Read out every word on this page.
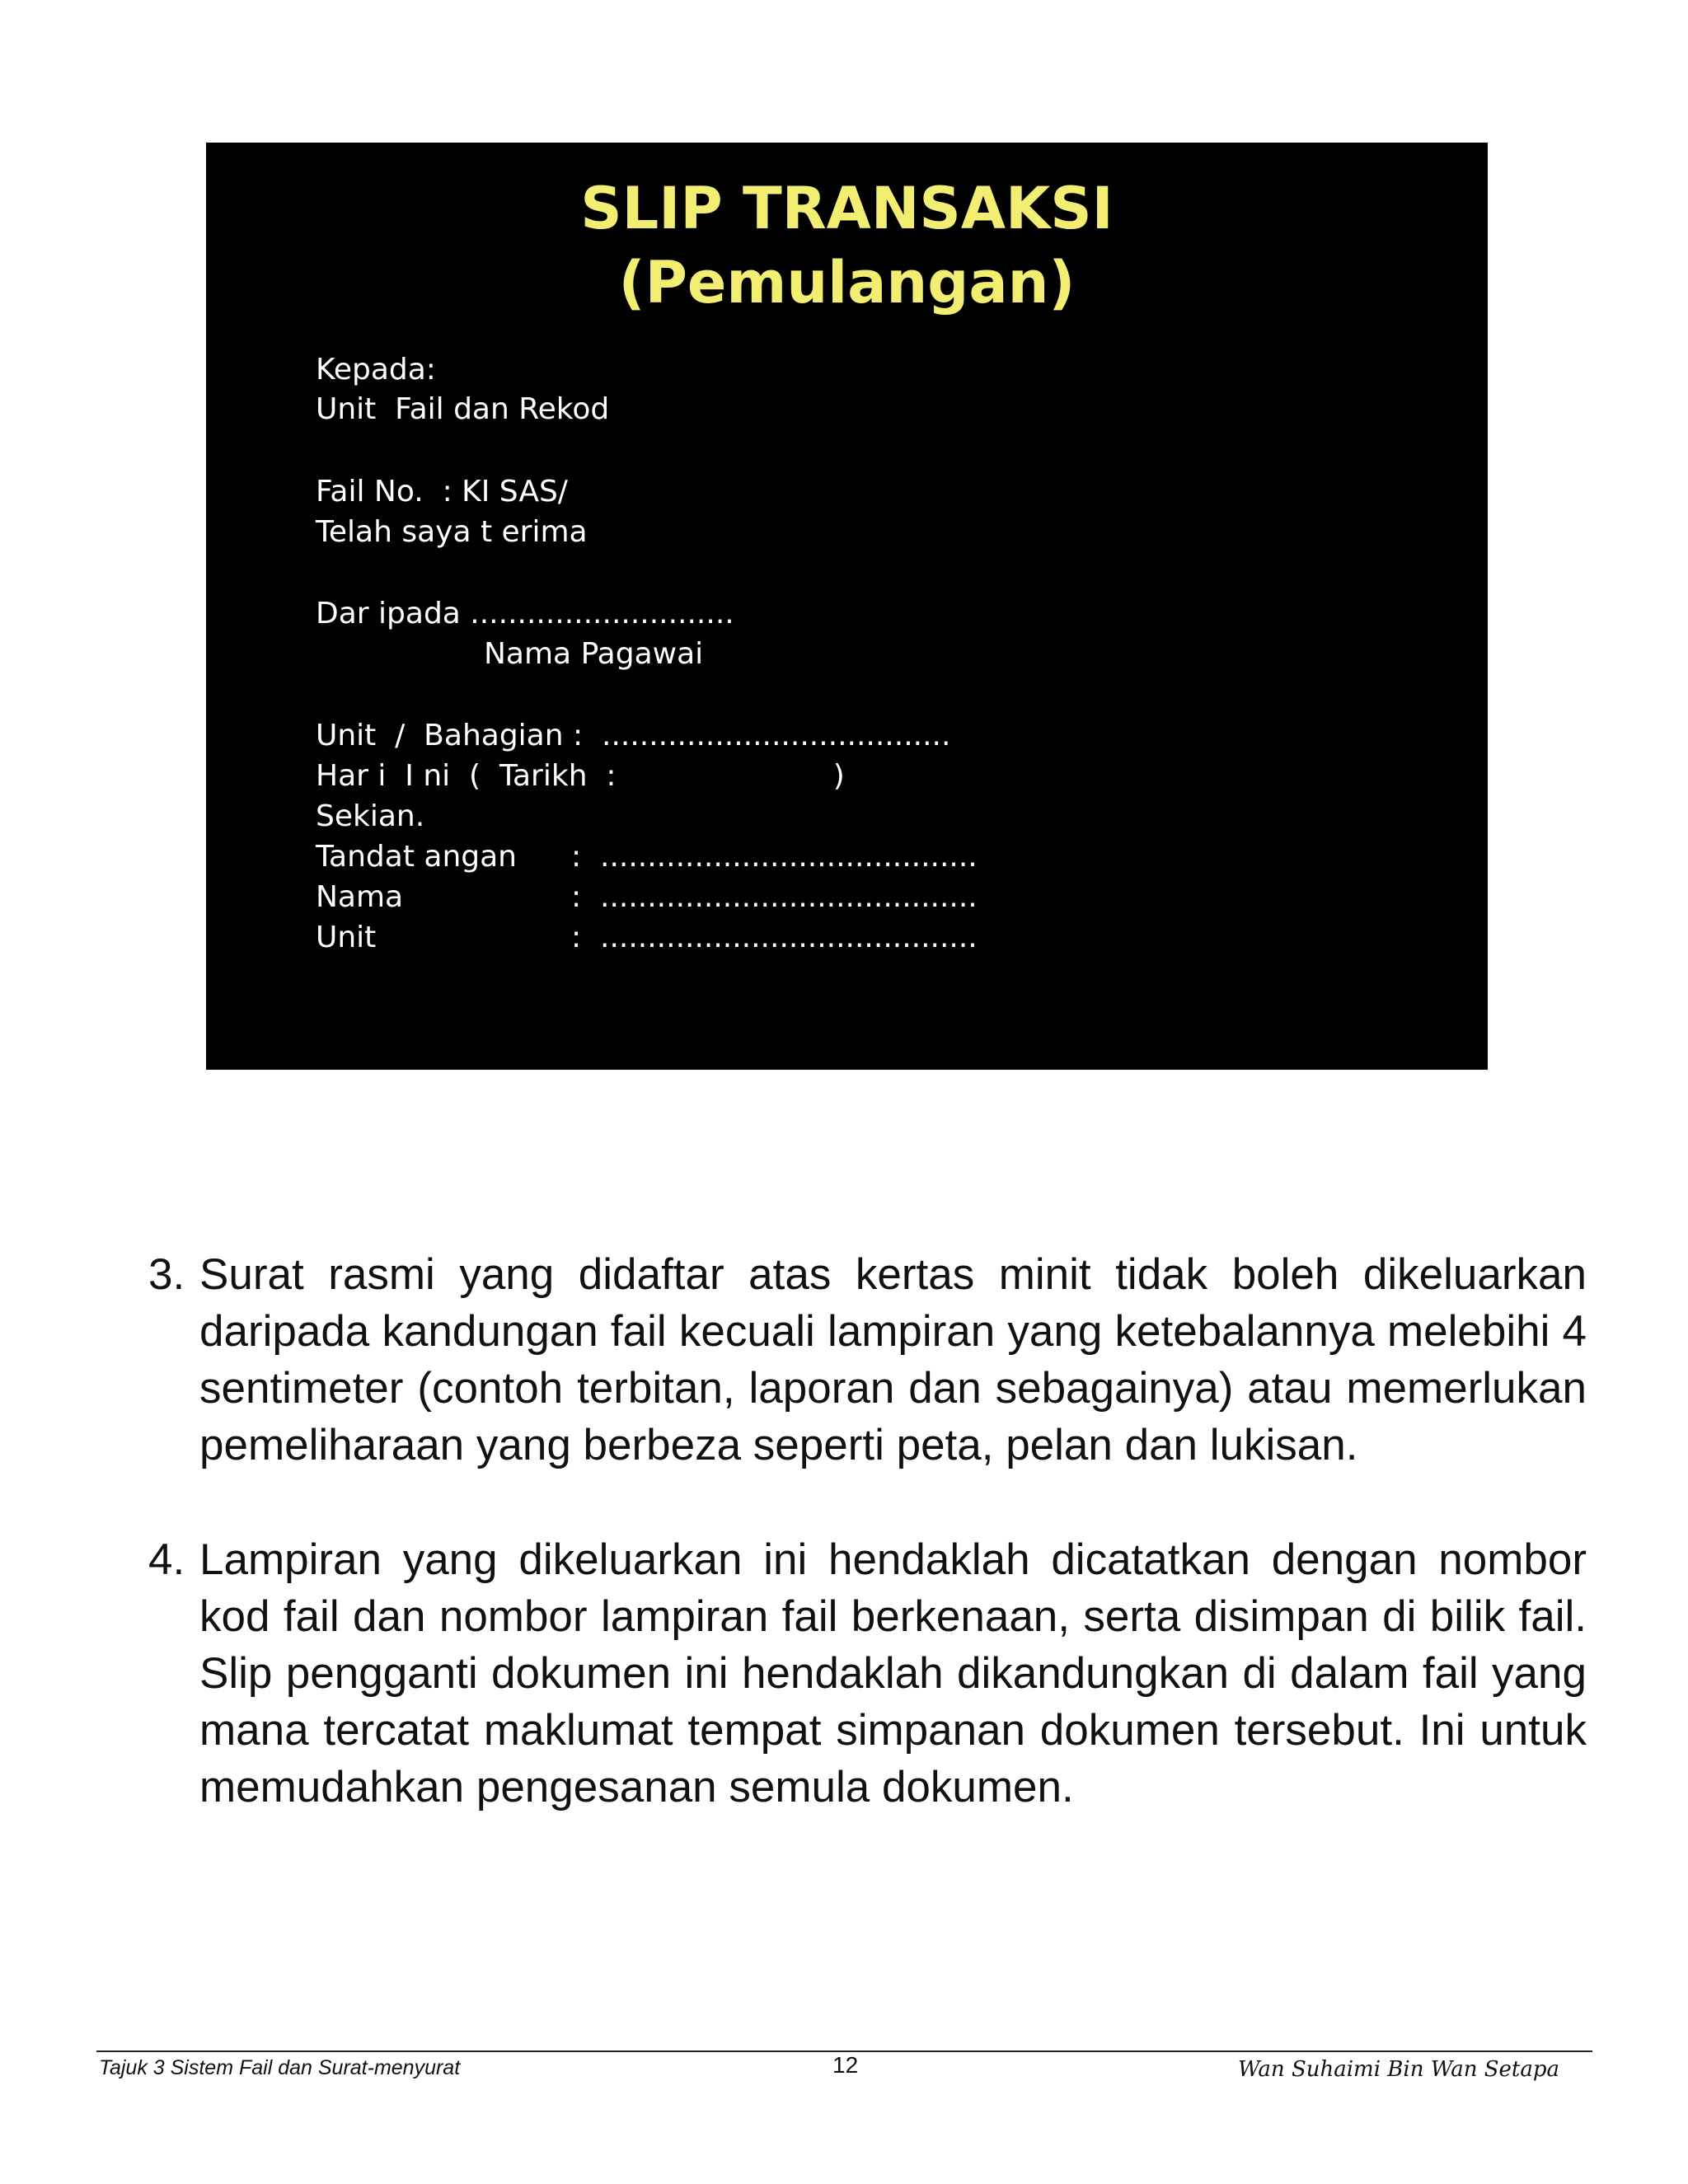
SLIP TRANSAKSI
(Pemulangan)
Kepada:
Unit  Fail dan Rekod
Fail No.  : KI SAS/
Telah saya t erima
Dar ipada ............................
Nama Pagawai
Unit  /  Bahagian :  .....................................
Har i  I ni  (  Tarikh  :                       )
Sekian.
Tandat angan :  ........................................
Nama	:  ........................................
Unit	:  ........................................
3. Surat rasmi yang didaftar atas kertas minit tidak boleh dikeluarkan daripada kandungan fail kecuali lampiran yang ketebalannya melebihi 4 sentimeter (contoh terbitan, laporan dan sebagainya) atau memerlukan pemeliharaan yang berbeza seperti peta, pelan dan lukisan.
4. Lampiran yang dikeluarkan ini hendaklah dicatatkan dengan nombor kod fail dan nombor lampiran fail berkenaan, serta disimpan di bilik fail. Slip pengganti dokumen ini hendaklah dikandungkan di dalam fail yang mana tercatat maklumat tempat simpanan dokumen tersebut. Ini untuk memudahkan pengesanan semula dokumen.
Tajuk 3 Sistem Fail dan Surat-menyurat	12	Wan Suhaimi Bin Wan Setapa
